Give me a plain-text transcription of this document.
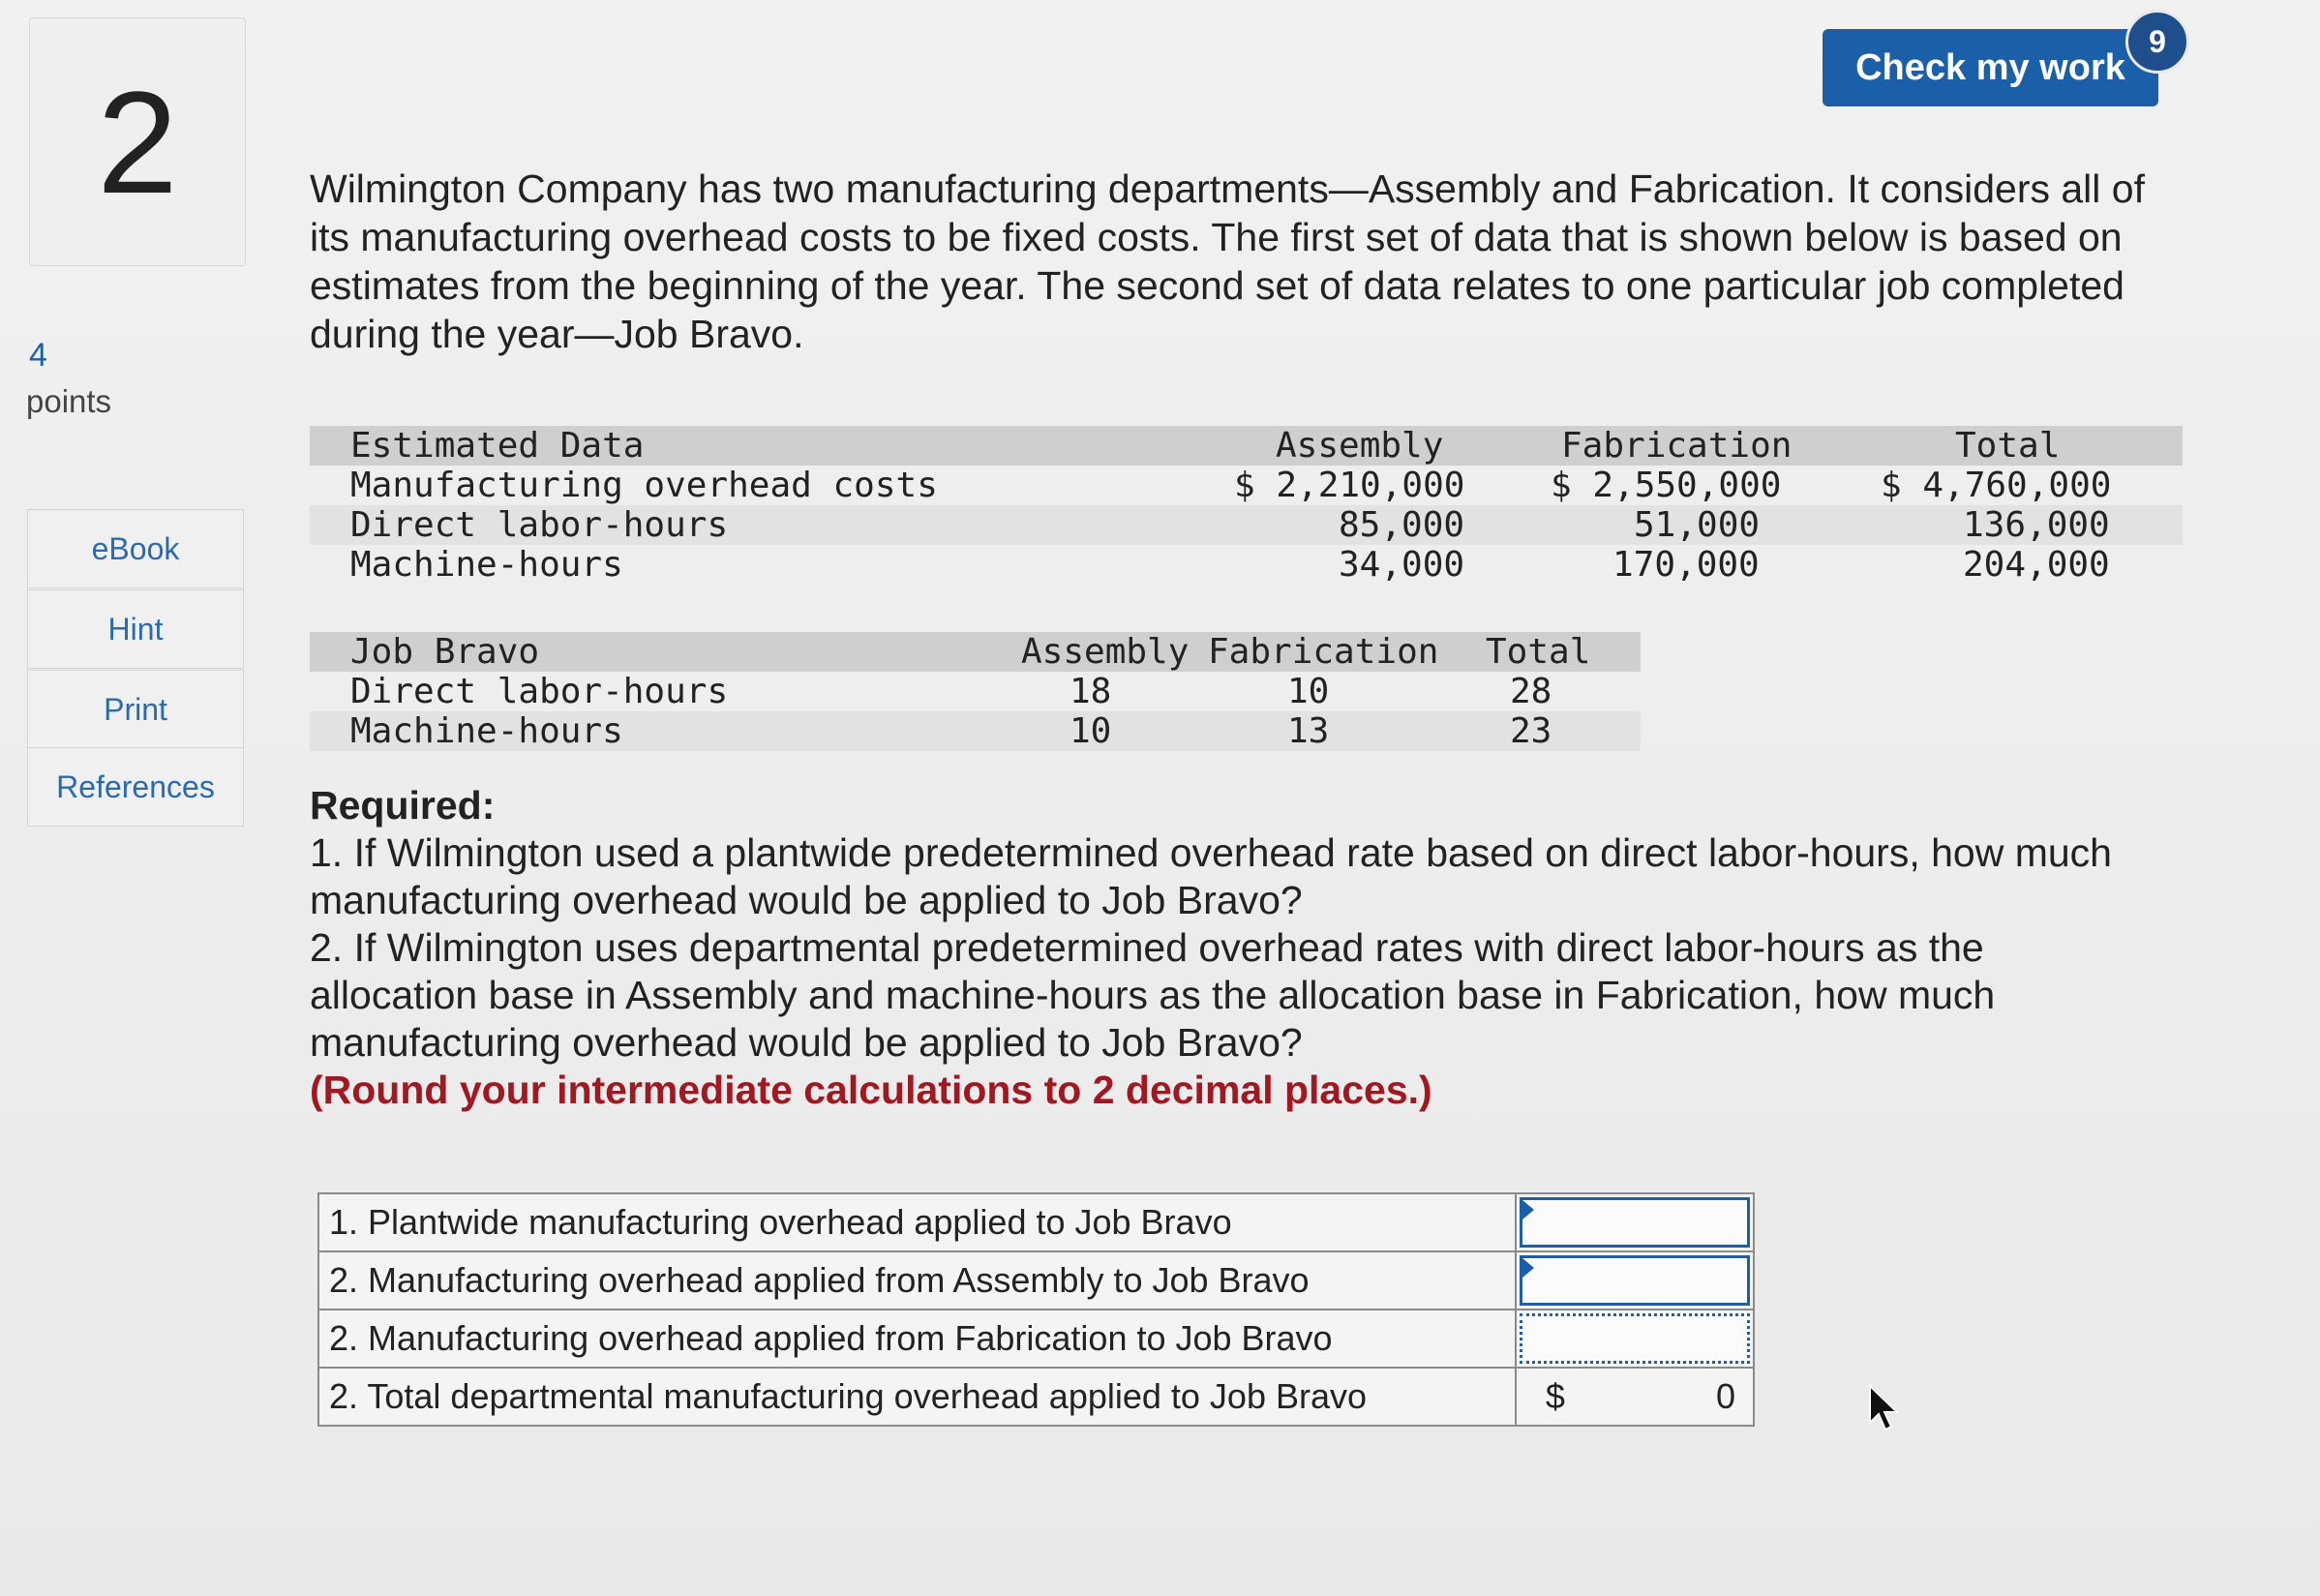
2
4
points
eBook
Hint
Print
References
Check my work
9
Wilmington Company has two manufacturing departments—Assembly and Fabrication. It considers all of its manufacturing overhead costs to be fixed costs. The first set of data that is shown below is based on estimates from the beginning of the year. The second set of data relates to one particular job completed during the year—Job Bravo.
Estimated Data	Assembly	Fabrication	Total
Manufacturing overhead costs	$ 2,210,000 $ 2,550,000	$ 4,760,000
Direct labor-hours	85,000	51,000	136,000
Machine-hours	34,000	170,000	204,000
Job Bravo	Assembly Fabrication Total
Direct labor-hours	18	10	28
Machine-hours	10	13	23
Required:
1. If Wilmington used a plantwide predetermined overhead rate based on direct labor-hours, how much manufacturing overhead would be applied to Job Bravo?
2. If Wilmington uses departmental predetermined overhead rates with direct labor-hours as the allocation base in Assembly and machine-hours as the allocation base in Fabrication, how much manufacturing overhead would be applied to Job Bravo?
(Round your intermediate calculations to 2 decimal places.)
1. Plantwide manufacturing overhead applied to Job Bravo	

2. Manufacturing overhead applied from Assembly to Job Bravo	

2. Manufacturing overhead applied from Fabrication to Job Bravo	

2. Total departmental manufacturing overhead applied to Job Bravo	$ 0
